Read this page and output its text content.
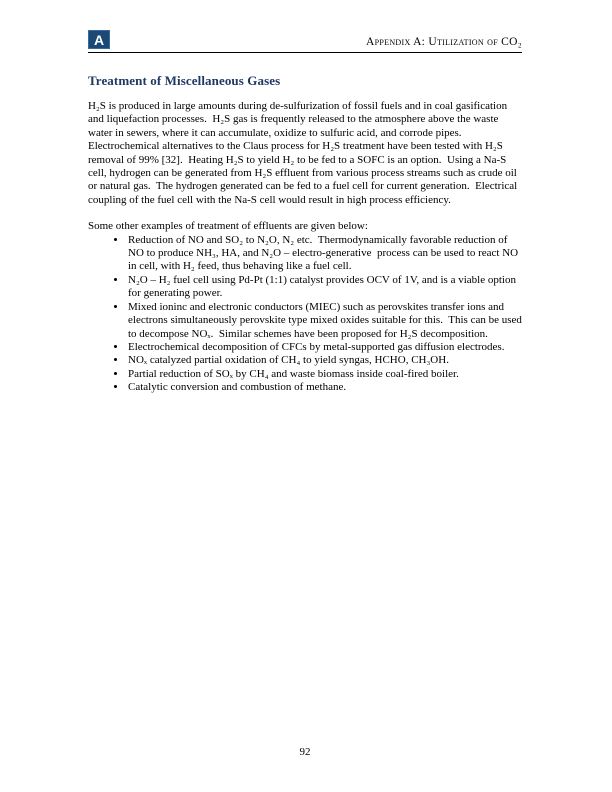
A	Appendix A: Utilization of CO₂
Treatment of Miscellaneous Gases

H₂S is produced in large amounts during de-sulfurization of fossil fuels and in coal gasification and liquefaction processes.  H₂S gas is frequently released to the atmosphere above the waste water in sewers, where it can accumulate, oxidize to sulfuric acid, and corrode pipes.  Electrochemical alternatives to the Claus process for H₂S treatment have been tested with H₂S removal of 99% [32].  Heating H₂S to yield H₂ to be fed to a SOFC is an option.  Using a Na-S cell, hydrogen can be generated from H₂S effluent from various process streams such as crude oil or natural gas.  The hydrogen generated can be fed to a fuel cell for current generation.  Electrical coupling of the fuel cell with the Na-S cell would result in high process efficiency.

Some other examples of treatment of effluents are given below:

• Reduction of NO and SO₂ to N₂O, N₂ etc.  Thermodynamically favorable reduction of NO to produce NH₃, HA, and N₂O – electro-generative  process can be used to react NO in cell, with H₂ feed, thus behaving like a fuel cell.
• N₂O – H₂ fuel cell using Pd-Pt (1:1) catalyst provides OCV of 1V, and is a viable option for generating power.
• Mixed ioninc and electronic conductors (MIEC) such as perovskites transfer ions and electrons simultaneously perovskite type mixed oxides suitable for this.  This can be used to decompose NOₓ.  Similar schemes have been proposed for H₂S decomposition.
• Electrochemical decomposition of CFCs by metal-supported gas diffusion electrodes.
• NOₓ catalyzed partial oxidation of CH₄ to yield syngas, HCHO, CH₃OH.
• Partial reduction of SOₓ by CH₄ and waste biomass inside coal-fired boiler.
• Catalytic conversion and combustion of methane.
92
